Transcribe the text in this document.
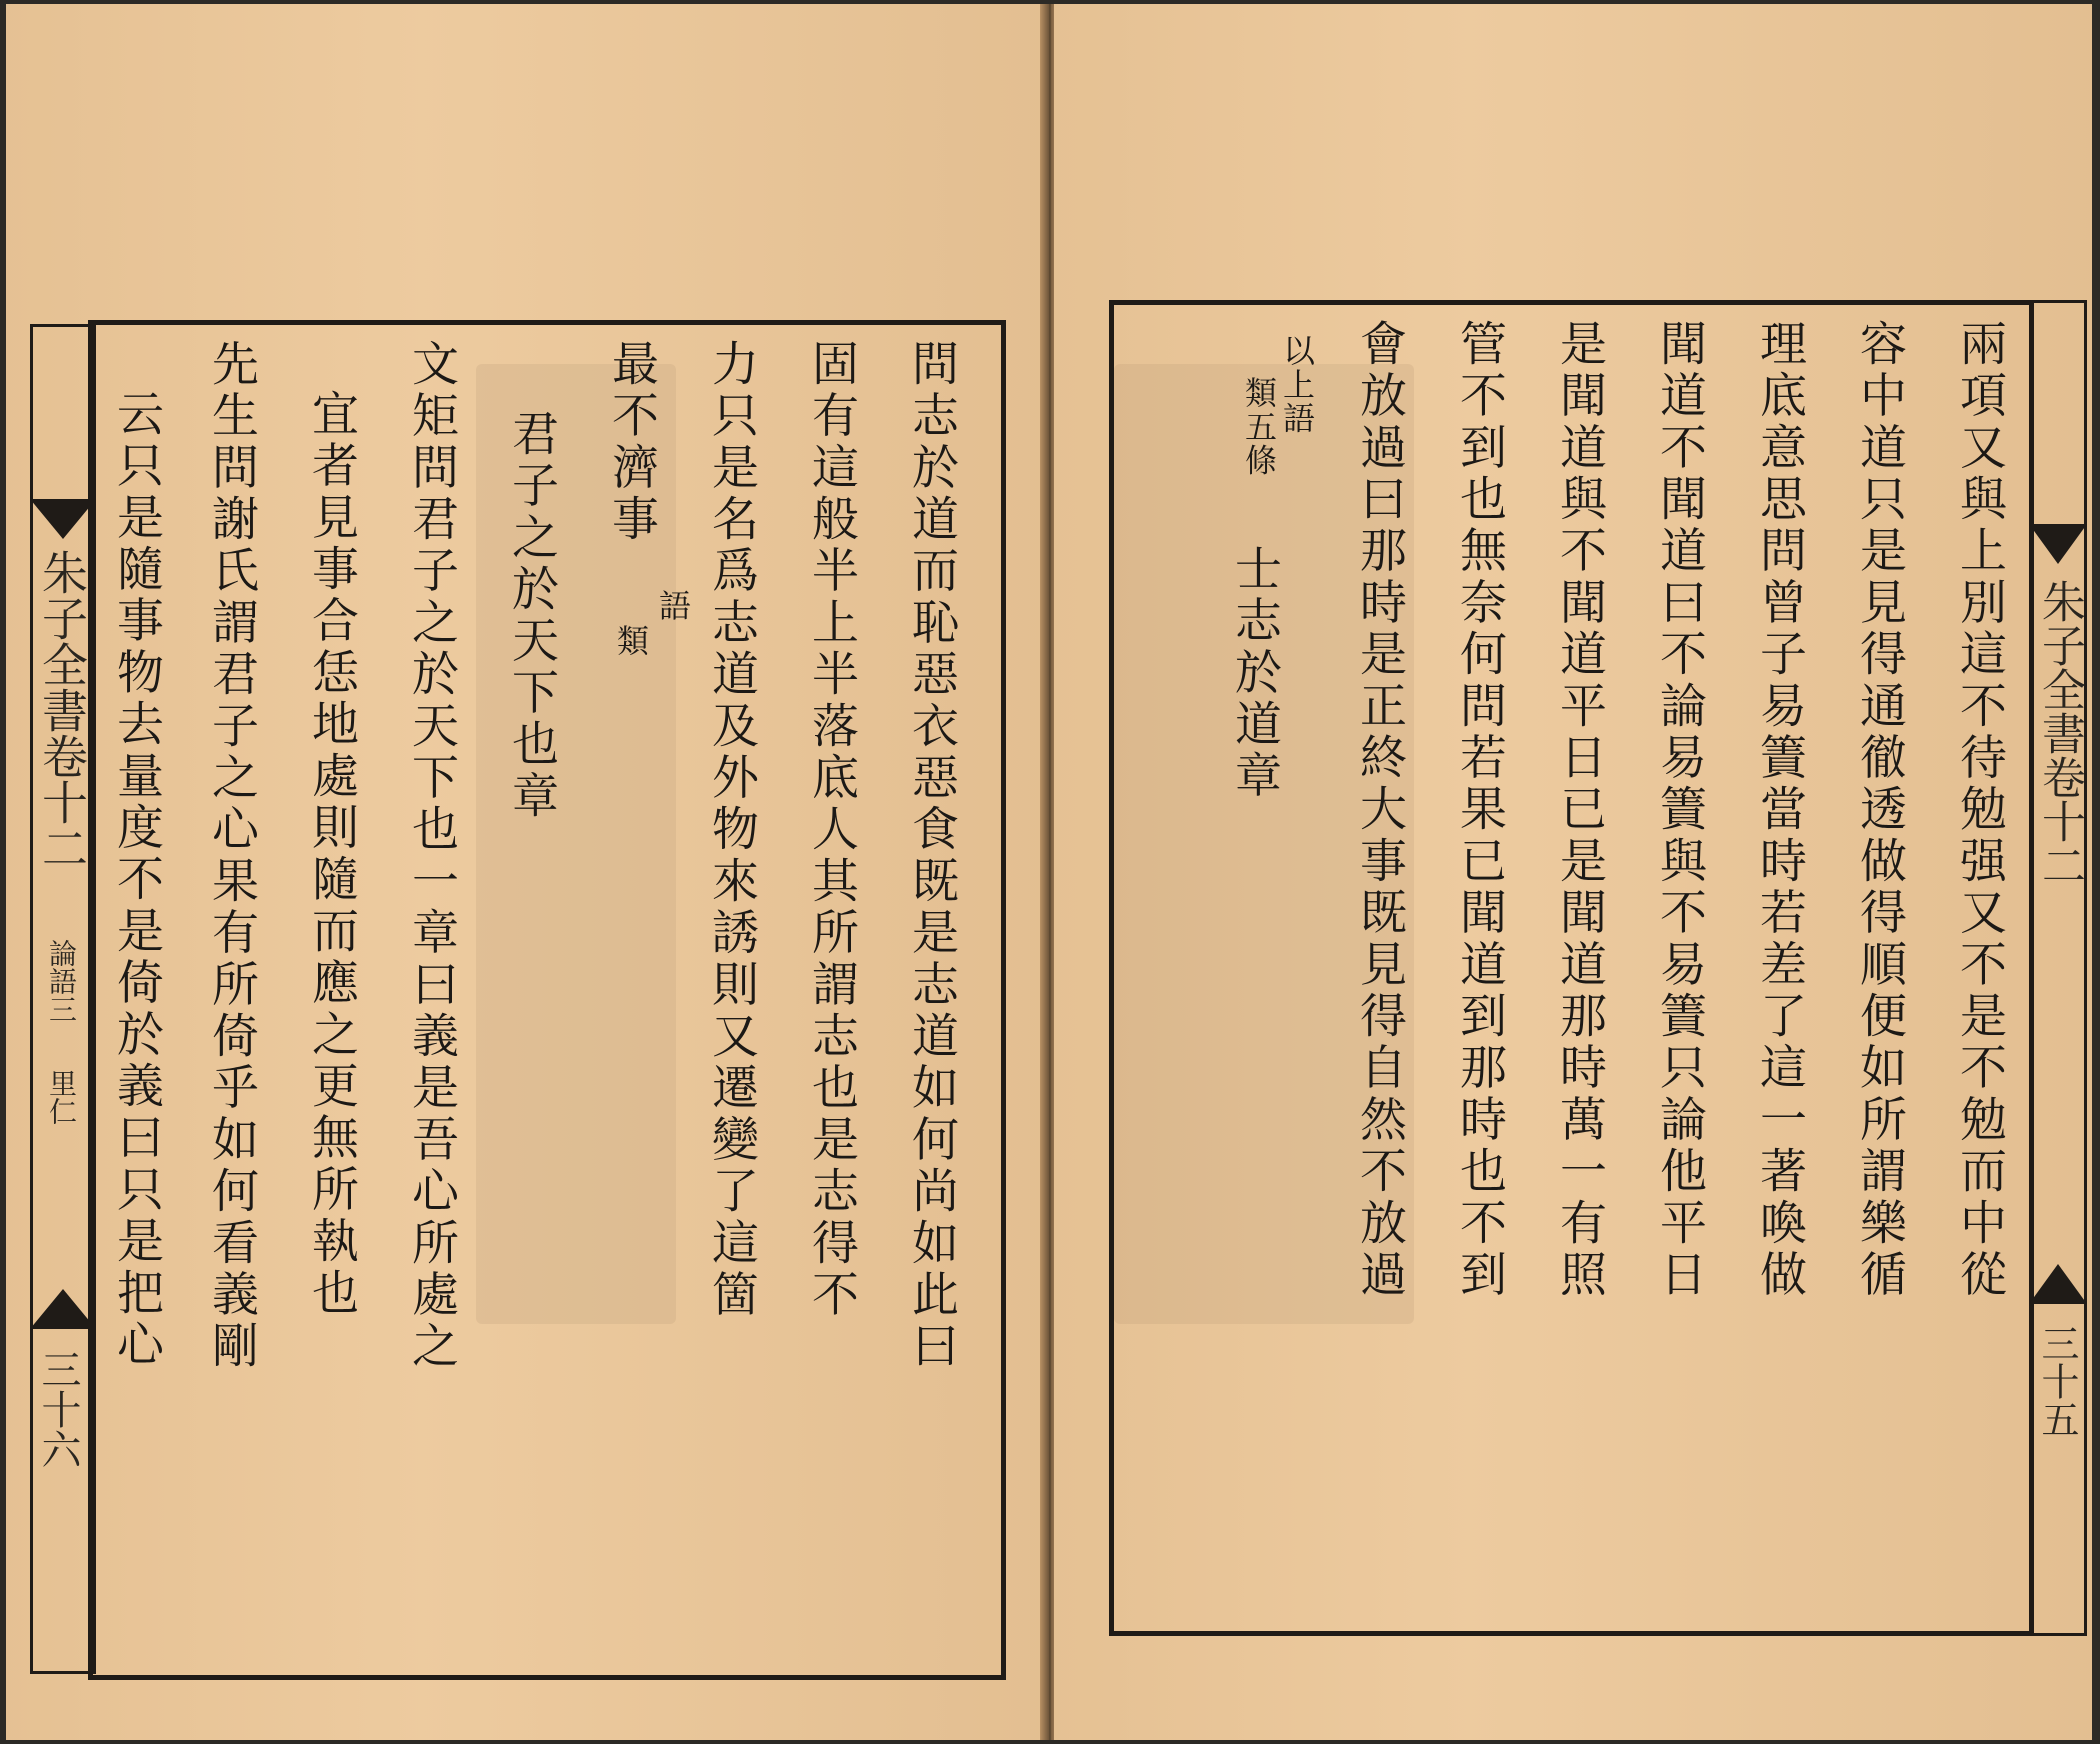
朱子全書卷十二
論語三
里仁
三十六
問志於道而恥惡衣惡食既是志道如何尚如此曰
固有這般半上半落底人其所謂志也是志得不
力只是名爲志道及外物來誘則又遷變了這箇
最不濟事
語
類
君子之於天下也章
文矩問君子之於天下也一章曰義是吾心所處之
宜者見事合恁地處則隨而應之更無所執也
先生問謝氏謂君子之心果有所倚乎如何看義剛
云只是隨事物去量度不是倚於義曰只是把心	朱子全書卷十二
三十五
兩項又與上別這不待勉强又不是不勉而中從
容中道只是見得通徹透做得順便如所謂樂循
理底意思問曾子易簀當時若差了這一著喚做
聞道不聞道曰不論易簀與不易簀只論他平日
是聞道與不聞道平日已是聞道那時萬一有照
管不到也無奈何問若果已聞道到那時也不到
會放過曰那時是正終大事既見得自然不放過
以上語
類五條
士志於道章
